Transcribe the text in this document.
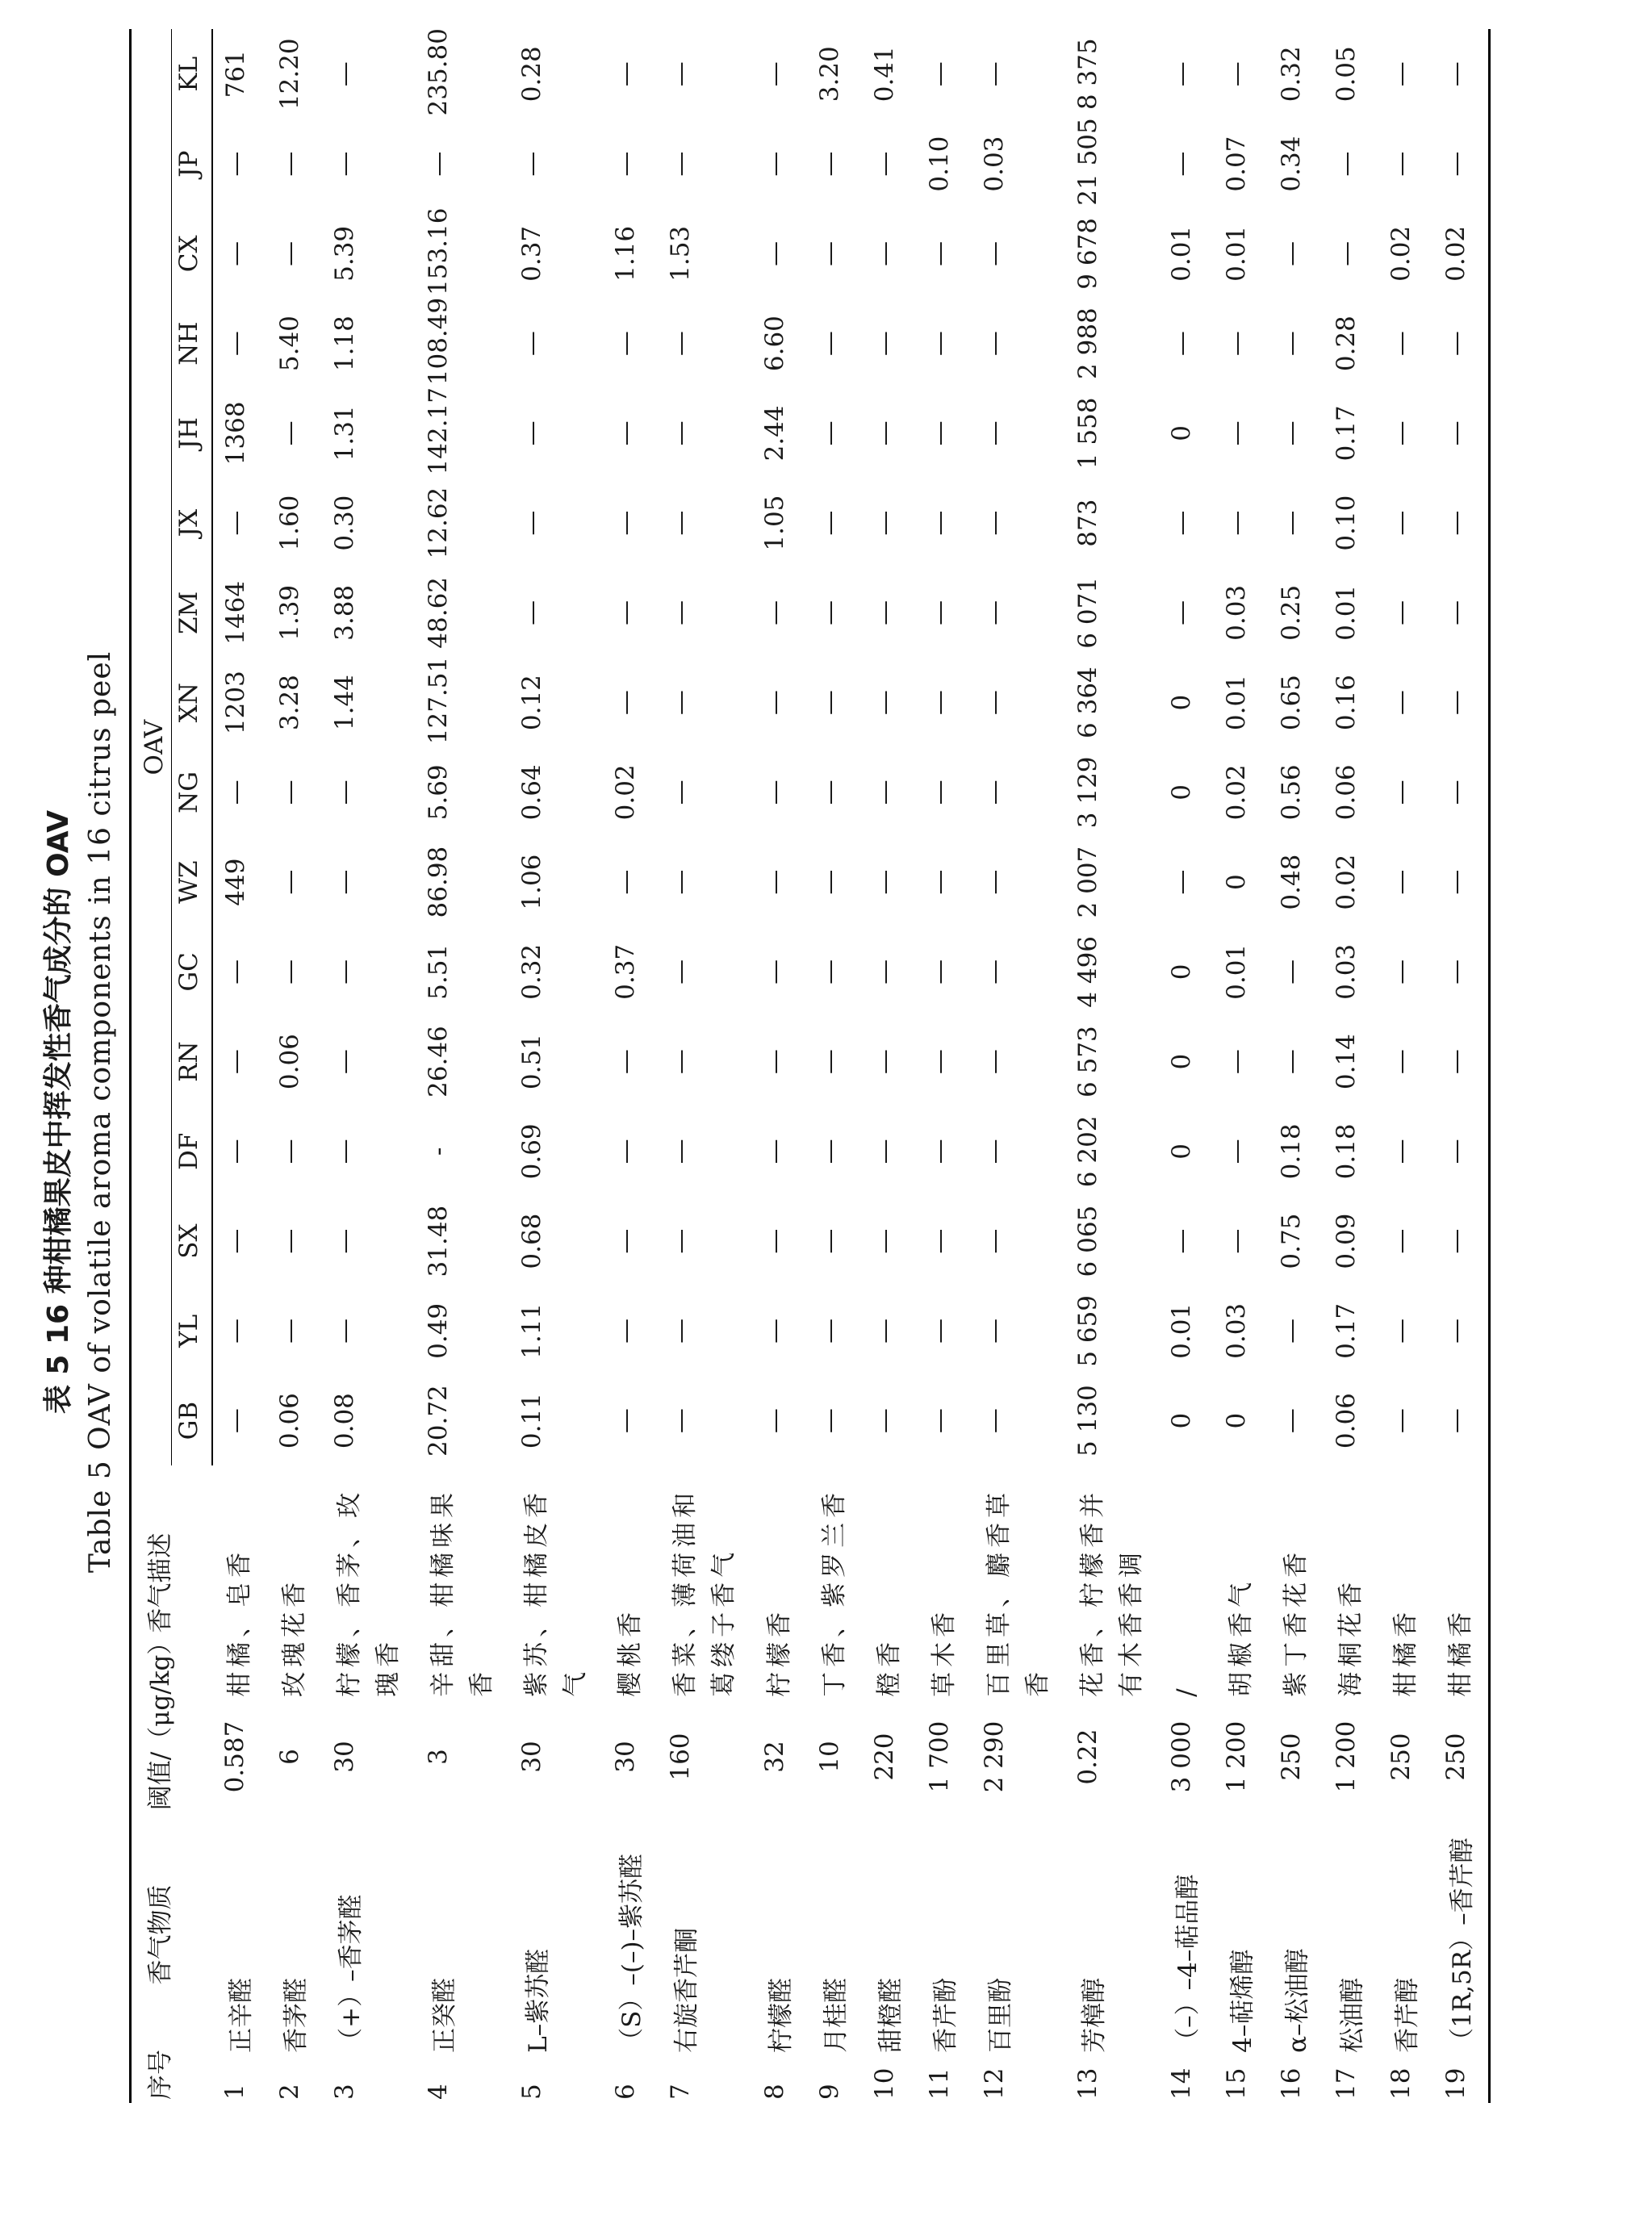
表 5 16 种柑橘果皮中挥发性香气成分的 OAV Table 5 OAV of volatile aroma components in 16 citrus peel
序号	香气物质	阈值/（μg/kg）	香气描述	OAV															
				GB	YL	SX	DF	RN	GC	WZ	NG	XN	ZM	JX	JH	NH	CX	JP	KL
1	正辛醛	0.587	柑橘、皂香	—	—	—	—	—	—	449	—	1203	1464	—	1368	—	—	—	761
2	香茅醛	6	玫瑰花香	0.06	—	—	—	0.06	—	—	—	3.28	1.39	1.60	—	5.40	—	—	12.20
3	（+）–香茅醛	30	柠檬、香茅、玫瑰香	0.08	—	—	—	—	—	—	—	1.44	3.88	0.30	1.31	1.18	5.39	—	—
4	正癸醛	3	辛甜、柑橘味果香	20.72	0.49	31.48	-	26.46	5.51	86.98	5.69	127.51	48.62	12.62	142.17	108.49	153.16	—	235.80
5	L–紫苏醛	30	紫苏、柑橘皮香气	0.11	1.11	0.68	0.69	0.51	0.32	1.06	0.64	0.12	—	—	—	—	0.37	—	0.28
6	（S）–(–)–紫苏醛	30	樱桃香	—	—	—	—	—	0.37	—	0.02	—	—	—	—	—	1.16	—	—
7	右旋香芹酮	160	香菜、薄荷油和葛缕子香气	—	—	—	—	—	—	—	—	—	—	—	—	—	1.53	—	—
8	柠檬醛	32	柠檬香	—	—	—	—	—	—	—	—	—	—	1.05	2.44	6.60	—	—	—
9	月桂醛	10	丁香、紫罗兰香	—	—	—	—	—	—	—	—	—	—	—	—	—	—	—	3.20
10	甜橙醛	220	橙香	—	—	—	—	—	—	—	—	—	—	—	—	—	—	—	0.41
11	香芹酚	1 700	草木香	—	—	—	—	—	—	—	—	—	—	—	—	—	—	0.10	—
12	百里酚	2 290	百里草、麝香草香	—	—	—	—	—	—	—	—	—	—	—	—	—	—	0.03	—
13	芳樟醇	0.22	花香、柠檬香并有木香香调	5 130	5 659	6 065	6 202	6 573	4 496	2 007	3 129	6 364	6 071	873	1 558	2 988	9 678	21 505	8 375
14	（–）–4–萜品醇	3 000	/	0	0.01	—	0	0	0	—	0	0	—	—	0	—	0.01	—	—
15	4–萜烯醇	1 200	胡椒香气	0	0.03	—	—	—	0.01	0	0.02	0.01	0.03	—	—	—	0.01	0.07	—
16	α–松油醇	250	紫丁香花香	—	—	0.75	0.18	—	—	0.48	0.56	0.65	0.25	—	—	—	—	0.34	0.32
17	松油醇	1 200	海桐花香	0.06	0.17	0.09	0.18	0.14	0.03	0.02	0.06	0.16	0.01	0.10	0.17	0.28	—	—	0.05
18	香芹醇	250	柑橘香	—	—	—	—	—	—	—	—	—	—	—	—	—	0.02	—	—
19	（1R,5R）–香芹醇	250	柑橘香	—	—	—	—	—	—	—	—	—	—	—	—	—	0.02	—	—
